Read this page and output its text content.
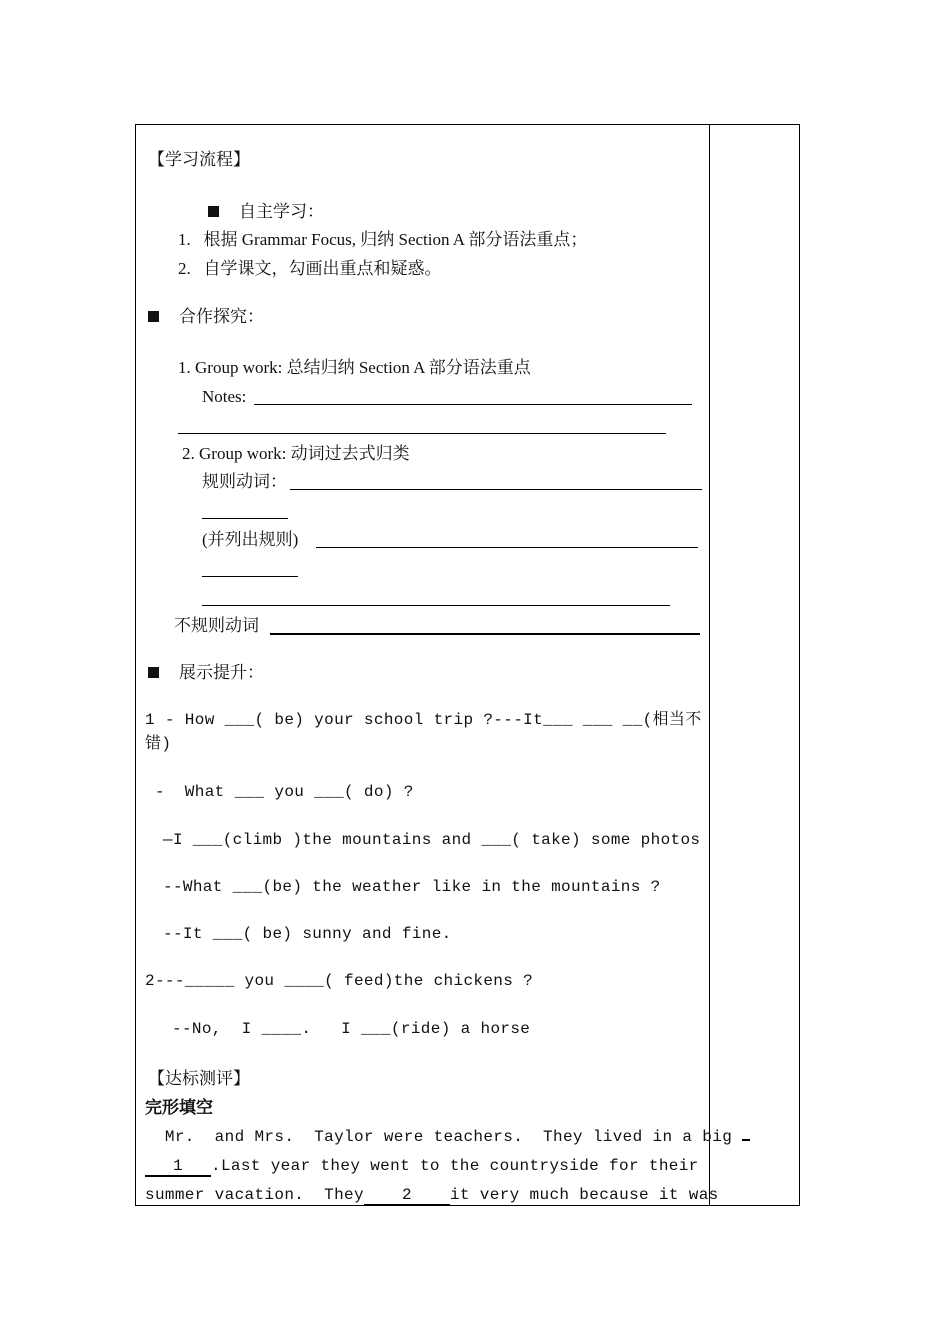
【学习流程】
自主学习：
1. 根据 Grammar Focus, 归纳 Section A 部分语法重点；
2. 自学课文，勾画出重点和疑惑。
合作探究：
1. Group work: 总结归纳 Section A 部分语法重点
Notes:
2. Group work: 动词过去式归类
规则动词：
(并列出规则)
不规则动词
展示提升：
1 - How ___( be) your school trip ?---It___ ___ __(相当不
错)
-  What ___ you ___( do) ?
—I ___(climb )the mountains and ___( take) some photos
--What ___(be) the weather like in the mountains ?
--It ___( be) sunny and fine.
2---_____ you ____( feed)the chickens ?
--No,  I ____.   I ___(ride) a horse
【达标测评】
完形填空
Mr.  and Mrs.  Taylor were teachers.  They lived in a big
1 .Last year they went to the countryside for their
summer vacation.  They 2 it very much because it was
